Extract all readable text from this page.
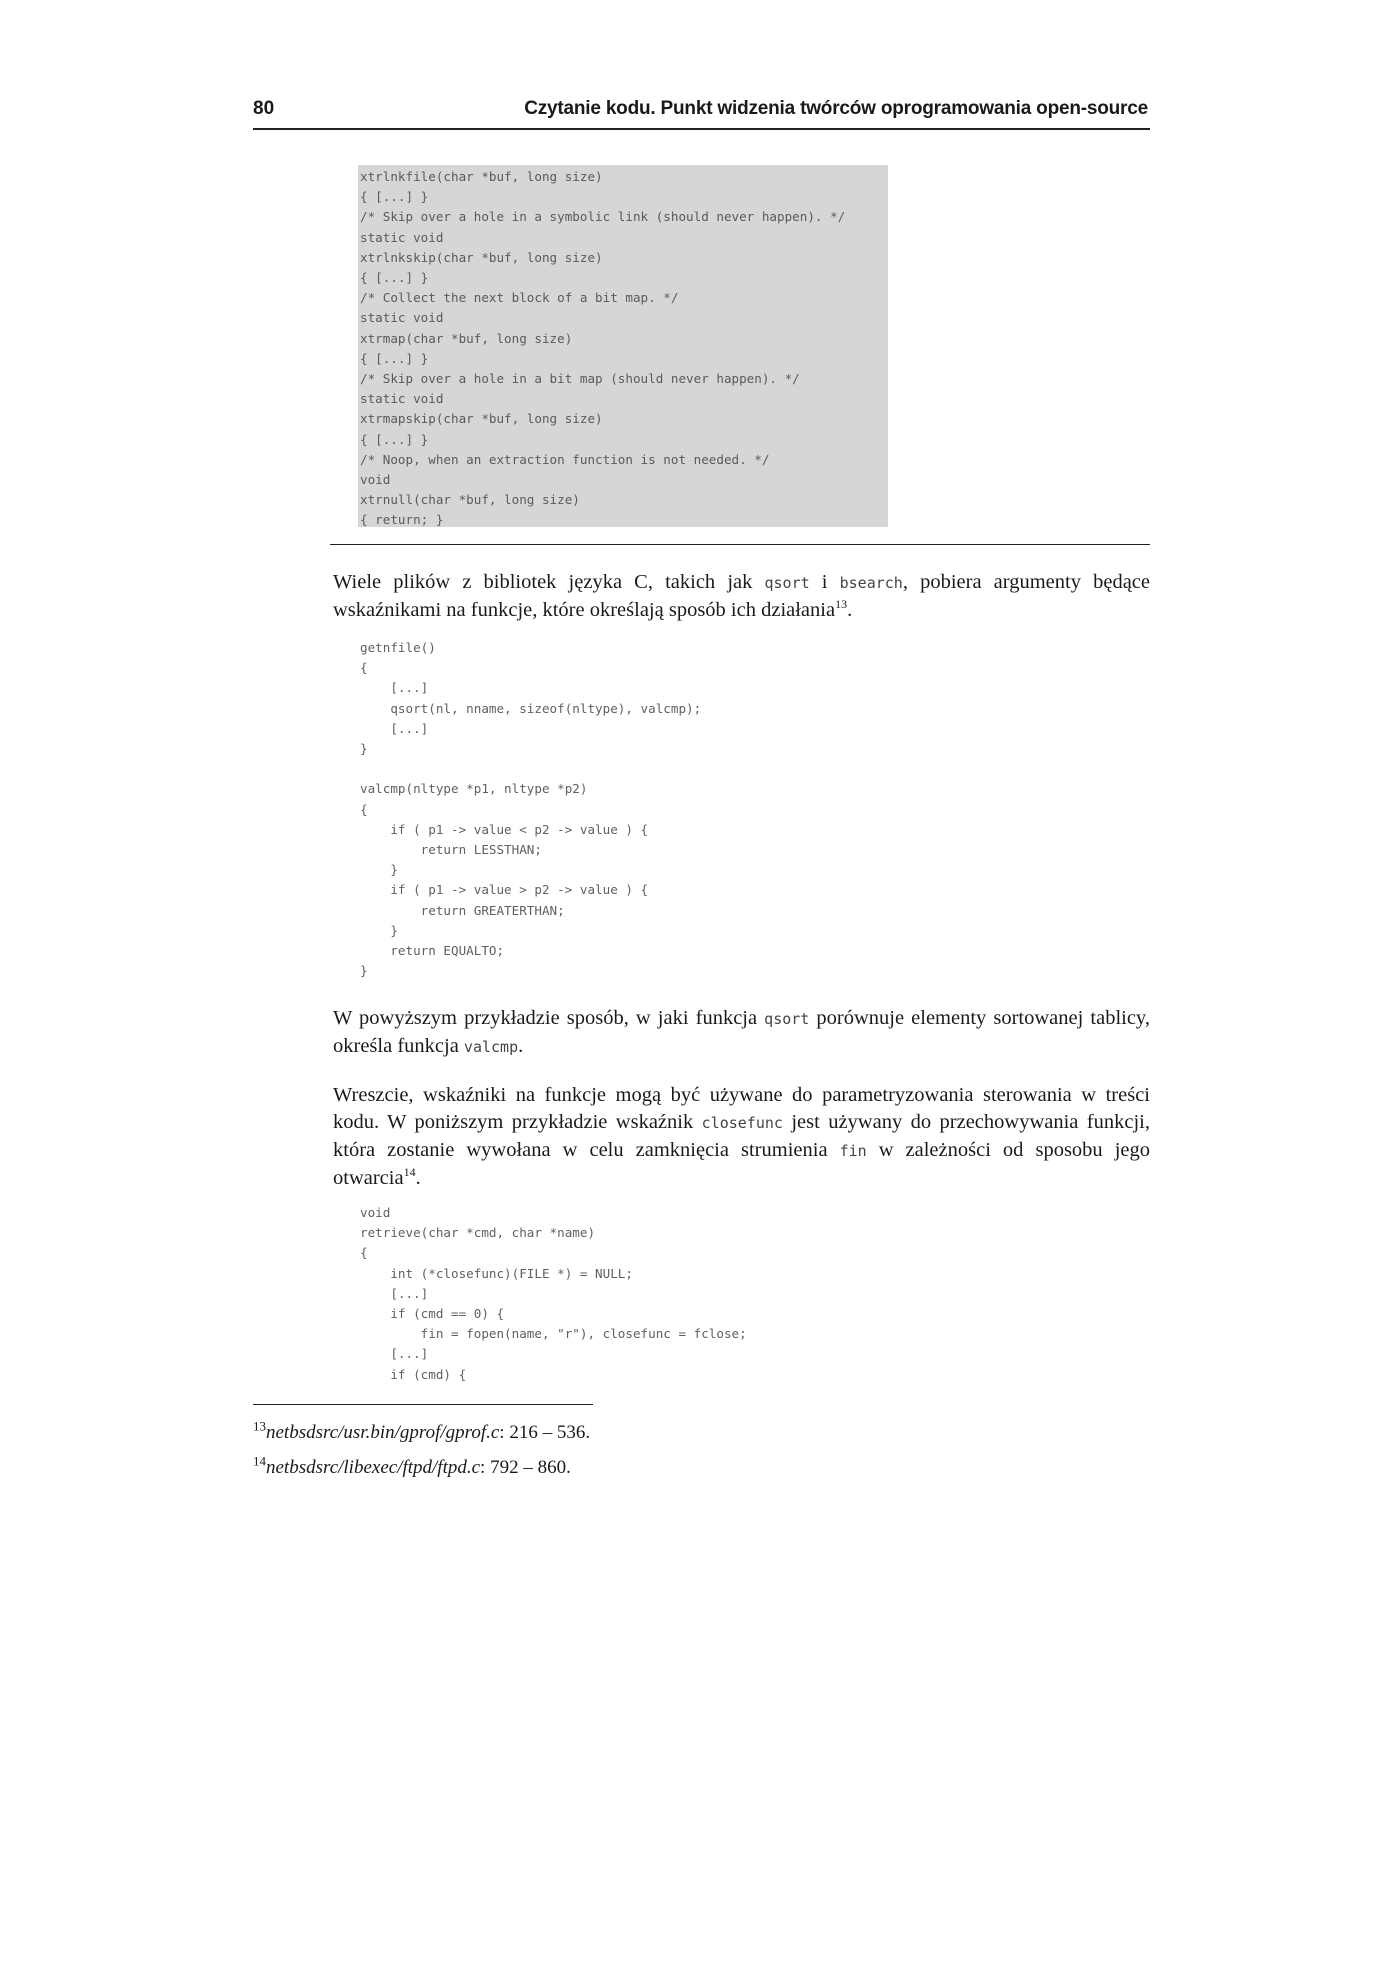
80	Czytanie kodu. Punkt widzenia twórców oprogramowania open-source
xtrlnkfile(char *buf, long size)
{ [...] }
/* Skip over a hole in a symbolic link (should never happen). */
static void
xtrlnkskip(char *buf, long size)
{ [...] }
/* Collect the next block of a bit map. */
static void
xtrmap(char *buf, long size)
{ [...] }
/* Skip over a hole in a bit map (should never happen). */
static void
xtrmapskip(char *buf, long size)
{ [...] }
/* Noop, when an extraction function is not needed. */
void
xtrnull(char *buf, long size)
{ return; }

Wiele plików z bibliotek języka C, takich jak qsort i bsearch, pobiera argumenty będące wskaźnikami na funkcje, które określają sposób ich działania$^{13}$.

getnfile()
{
[...]
qsort(nl, nname, sizeof(nltype), valcmp);
[...]
}

valcmp(nltype *p1, nltype *p2)
{
if ( p1 -> value < p2 -> value ) {
return LESSTHAN;
}
if ( p1 -> value > p2 -> value ) {
return GREATERTHAN;
}
return EQUALTO;
}

W powyższym przykładzie sposób, w jaki funkcja qsort porównuje elementy sortowanej tablicy, określa funkcja valcmp.

Wreszcie, wskaźniki na funkcje mogą być używane do parametryzowania sterowania w treści kodu. W poniższym przykładzie wskaźnik closefunc jest używany do przechowywania funkcji, która zostanie wywołana w celu zamknięcia strumienia fin w zależności od sposobu jego otwarcia$^{14}$.

void
retrieve(char *cmd, char *name)
{
int (*closefunc)(FILE *) = NULL;
[...]
if (cmd == 0) {
fin = fopen(name, "r"), closefunc = fclose;
[...]
if (cmd) {

$^{13}$netbsdsrc/usr.bin/gprof/gprof.c: 216 – 536.

$^{14}$netbsdsrc/libexec/ftpd/ftpd.c: 792 – 860.
